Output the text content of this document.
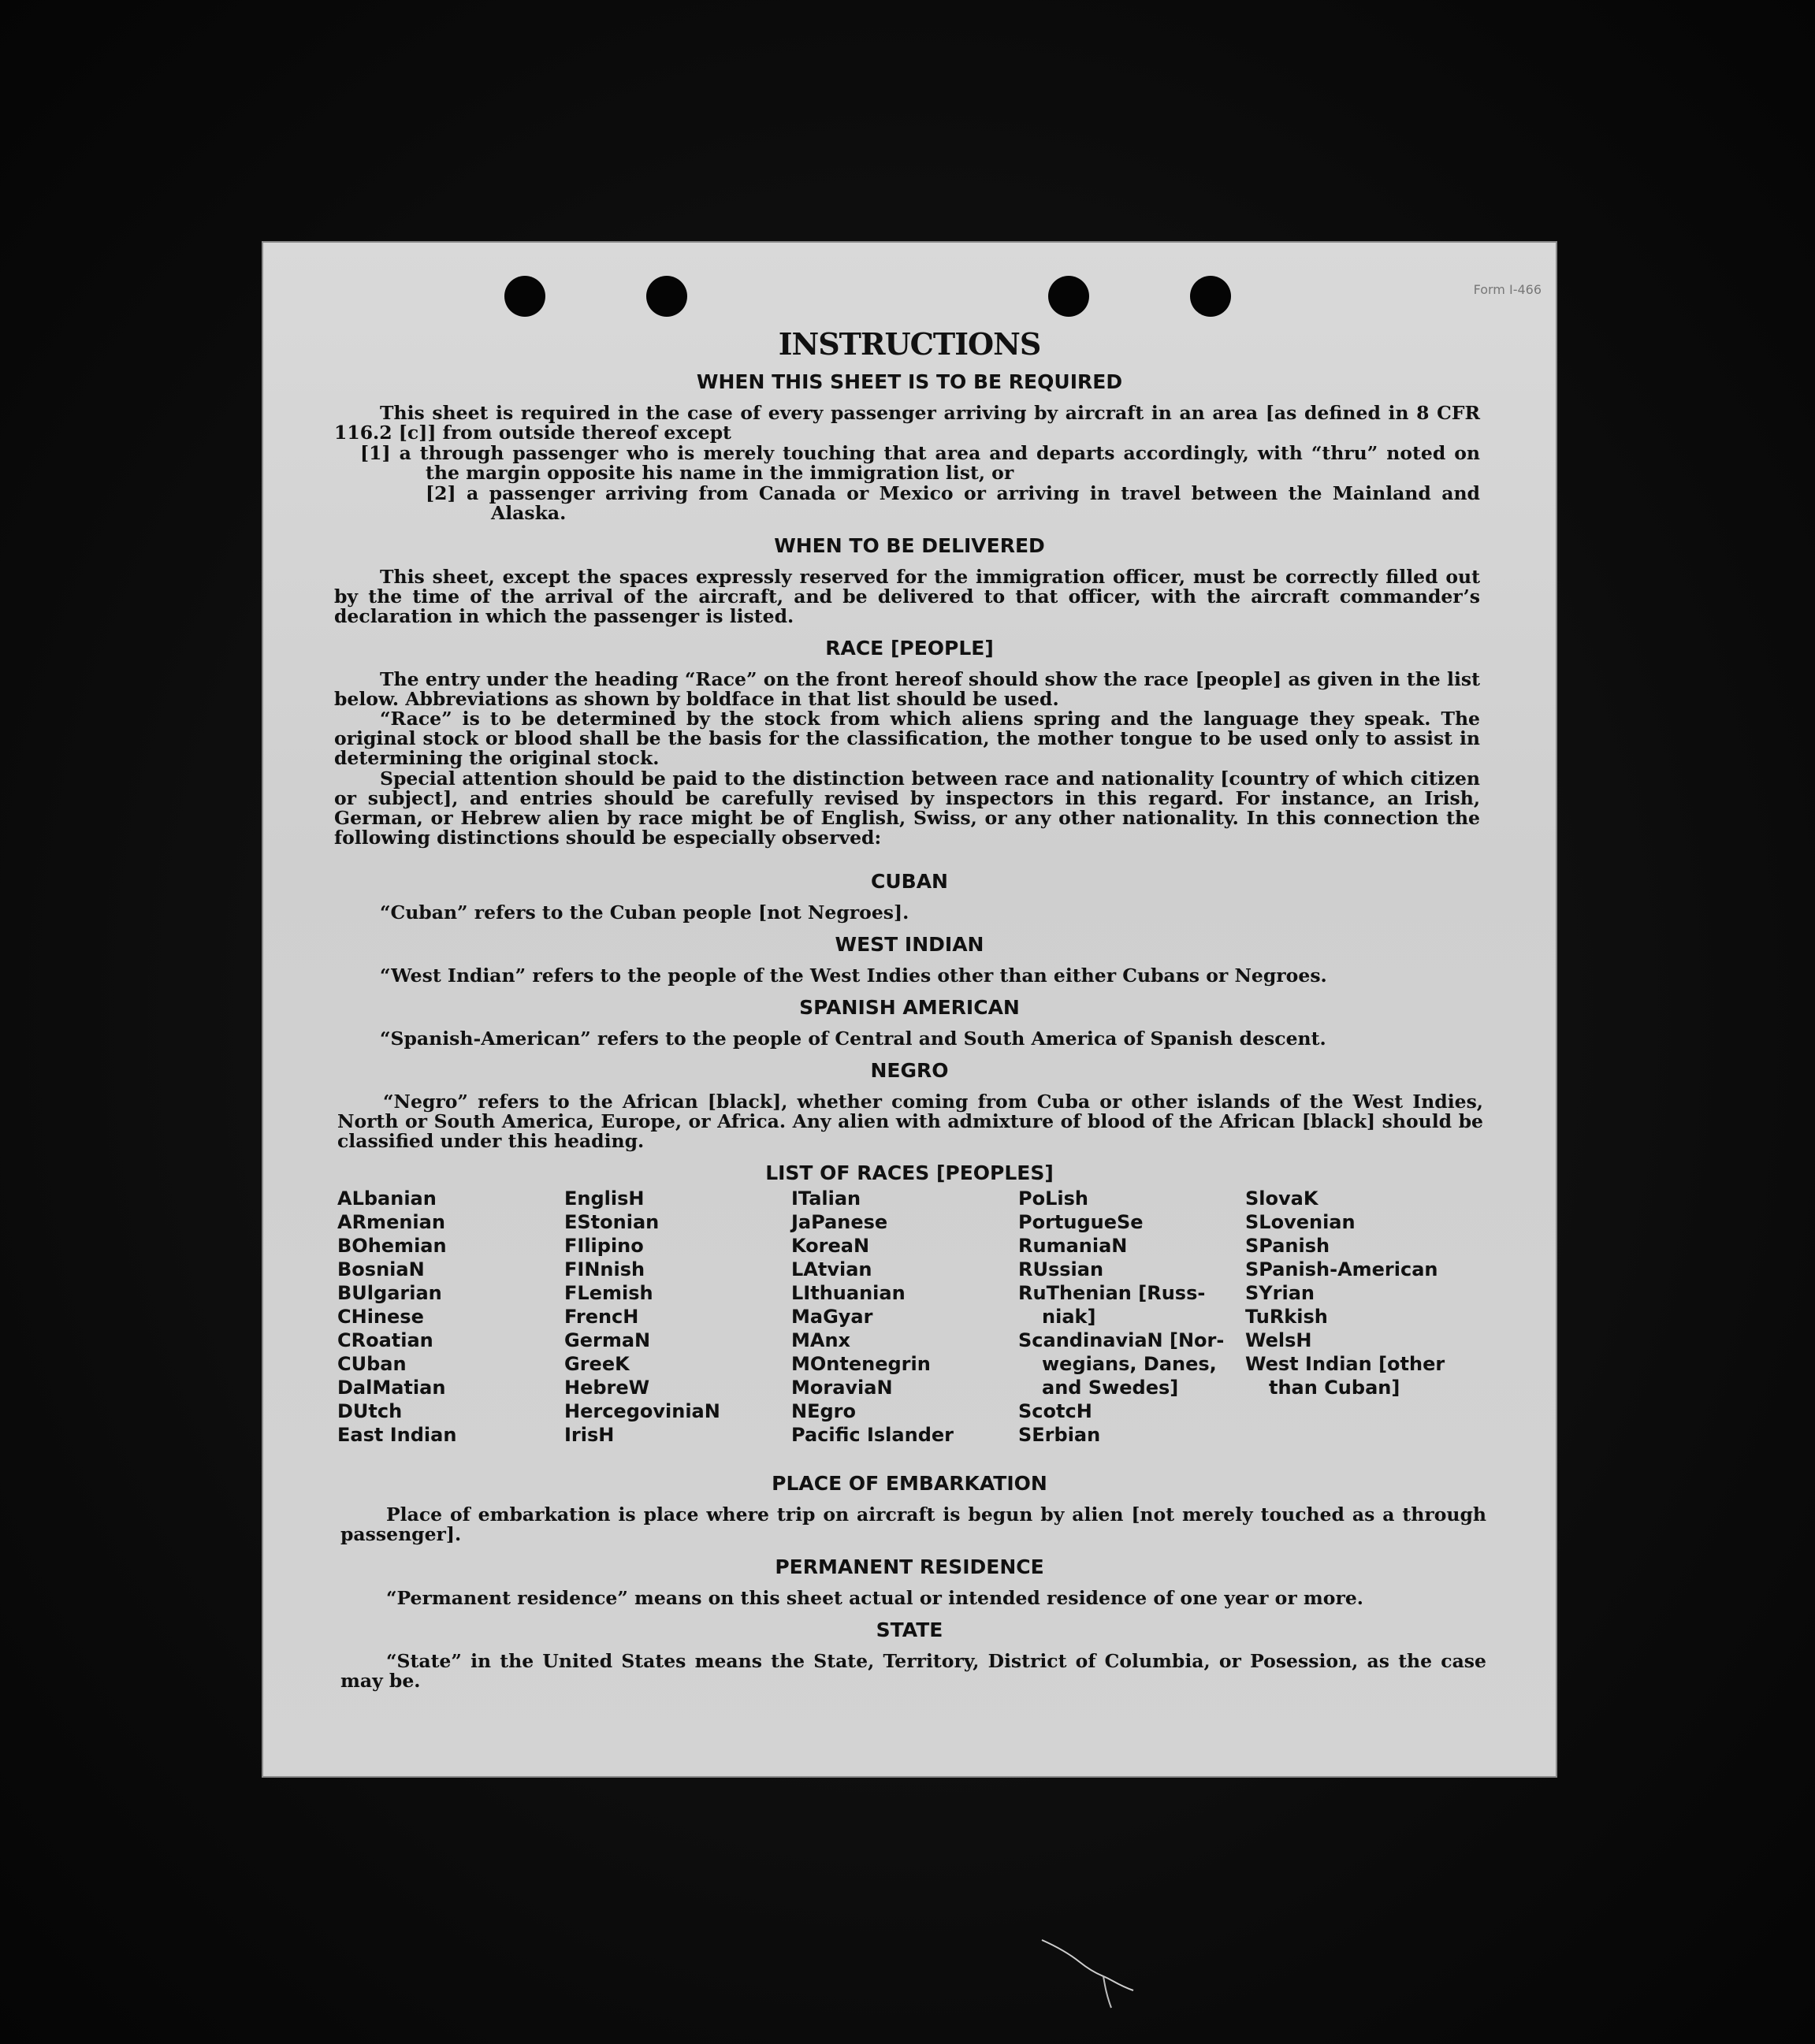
Form I-466
INSTRUCTIONS
WHEN THIS SHEET IS TO BE REQUIRED

This sheet is required in the case of every passenger arriving by aircraft in an area [as defined in 8 CFR 116.2 [c]] from outside thereof except

[1] a through passenger who is merely touching that area and departs accordingly, with “thru” noted on the margin opposite his name in the immigration list, or

[2] a passenger arriving from Canada or Mexico or arriving in travel between the Mainland and Alaska.

WHEN TO BE DELIVERED

This sheet, except the spaces expressly reserved for the immigration officer, must be correctly filled out by the time of the arrival of the aircraft, and be delivered to that officer, with the aircraft commander’s declaration in which the passenger is listed.

RACE [PEOPLE]

The entry under the heading “Race” on the front hereof should show the race [people] as given in the list below. Abbreviations as shown by boldface in that list should be used.

“Race” is to be determined by the stock from which aliens spring and the language they speak. The original stock or blood shall be the basis for the classification, the mother tongue to be used only to assist in determining the original stock.

Special attention should be paid to the distinction between race and nationality [country of which citizen or subject], and entries should be carefully revised by inspectors in this regard. For instance, an Irish, German, or Hebrew alien by race might be of English, Swiss, or any other nationality. In this connection the following distinctions should be especially observed:

CUBAN

“Cuban” refers to the Cuban people [not Negroes].

WEST INDIAN

“West Indian” refers to the people of the West Indies other than either Cubans or Negroes.

SPANISH AMERICAN

“Spanish-American” refers to the people of Central and South America of Spanish descent.

NEGRO

“Negro” refers to the African [black], whether coming from Cuba or other islands of the West Indies, North or South America, Europe, or Africa. Any alien with admixture of blood of the African [black] should be classified under this heading.

LIST OF RACES [PEOPLES]
ALbanian
ARmenian
BOhemian
BosniaN
BUlgarian
CHinese
CRoatian
CUban
DalMatian
DUtch
East Indian
EnglisH
EStonian
FIlipino
FINnish
FLemish
FrencH
GermaN
GreeK
HebreW
HercegoviniaN
IrisH
ITalian
JaPanese
KoreaN
LAtvian
LIthuanian
MaGyar
MAnx
MOntenegrin
MoraviaN
NEgro
Pacific Islander
PoLish
PortugueSe
RumaniaN
RUssian
RuThenian [Russ-
niak]
ScandinaviaN [Nor-
wegians, Danes,
and Swedes]
ScotcH
SErbian
SlovaK
SLovenian
SPanish
SPanish-American
SYrian
TuRkish
WelsH
West Indian [other
than Cuban]
PLACE OF EMBARKATION

Place of embarkation is place where trip on aircraft is begun by alien [not merely touched as a through passenger].

PERMANENT RESIDENCE

“Permanent residence” means on this sheet actual or intended residence of one year or more.

STATE

“State” in the United States means the State, Territory, District of Columbia, or Posession, as the case may be.
